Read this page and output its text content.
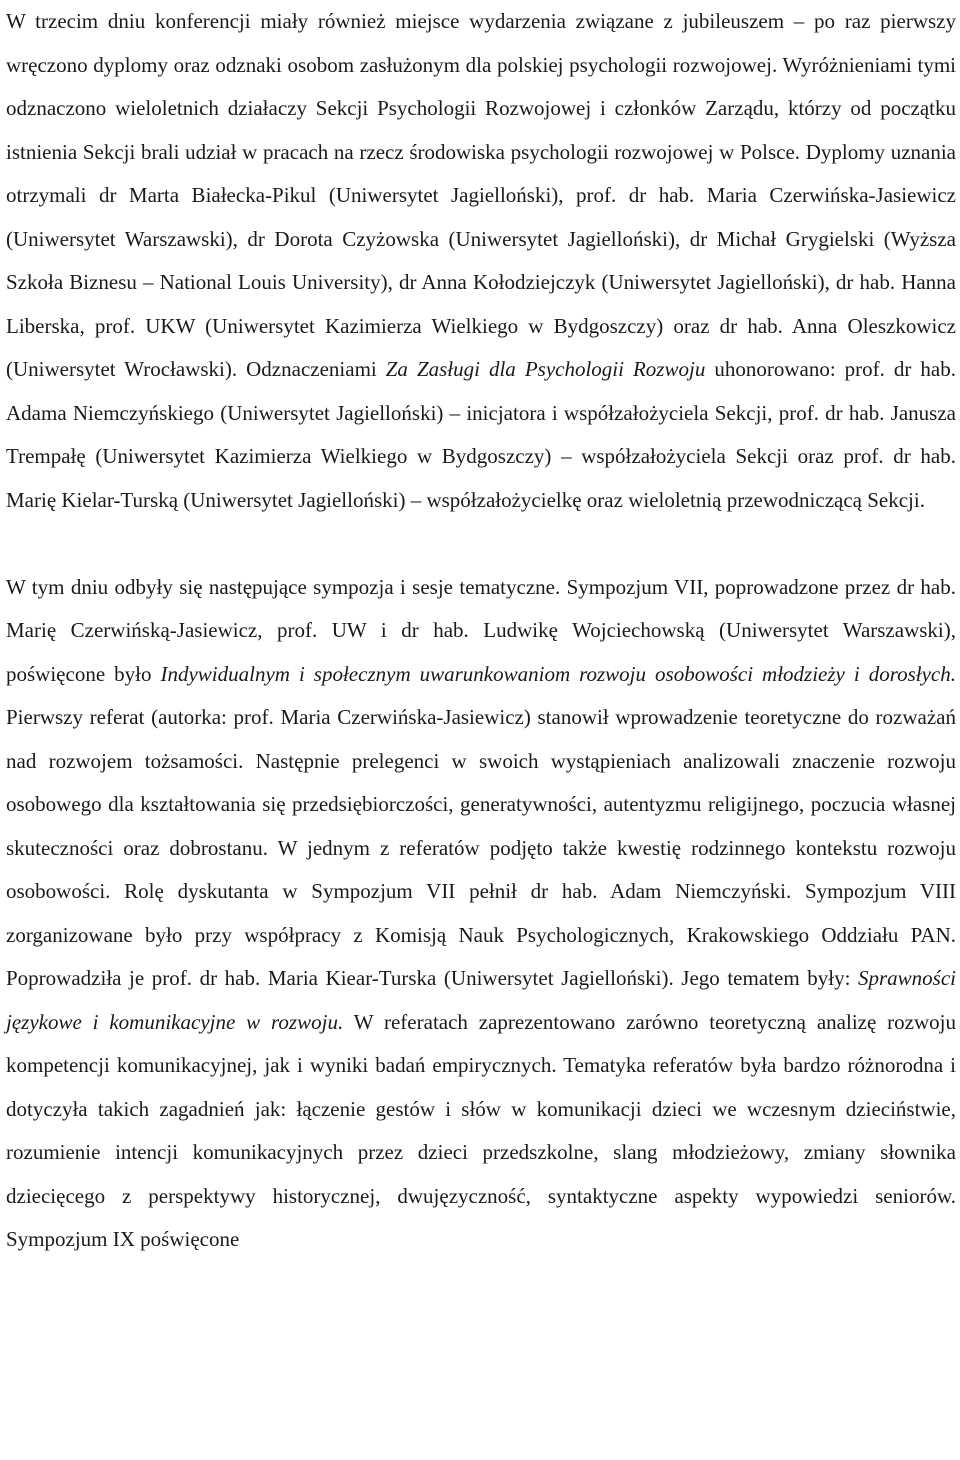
W trzecim dniu konferencji miały również miejsce wydarzenia związane z jubileuszem – po raz pierwszy wręczono dyplomy oraz odznaki osobom zasłużonym dla polskiej psychologii rozwojowej. Wyróżnieniami tymi odznaczono wieloletnich działaczy Sekcji Psychologii Rozwojowej i członków Zarządu, którzy od początku istnienia Sekcji brali udział w pracach na rzecz środowiska psychologii rozwojowej w Polsce. Dyplomy uznania otrzymali dr Marta Białecka-Pikul (Uniwersytet Jagielloński), prof. dr hab. Maria Czerwińska-Jasiewicz (Uniwersytet Warszawski), dr Dorota Czyżowska (Uniwersytet Jagielloński), dr Michał Grygielski (Wyższa Szkoła Biznesu – National Louis University), dr Anna Kołodziejczyk (Uniwersytet Jagielloński), dr hab. Hanna Liberska, prof. UKW (Uniwersytet Kazimierza Wielkiego w Bydgoszczy) oraz dr hab. Anna Oleszkowicz (Uniwersytet Wrocławski). Odznaczeniami Za Zasługi dla Psychologii Rozwoju uhonorowano: prof. dr hab. Adama Niemczyńskiego (Uniwersytet Jagielloński) – inicjatora i współzałożyciela Sekcji, prof. dr hab. Janusza Trempałę (Uniwersytet Kazimierza Wielkiego w Bydgoszczy) – współzałożyciela Sekcji oraz prof. dr hab. Marię Kielar-Turską (Uniwersytet Jagielloński) – współzałożycielkę oraz wieloletnią przewodniczącą Sekcji.

W tym dniu odbyły się następujące sympozja i sesje tematyczne. Sympozjum VII, poprowadzone przez dr hab. Marię Czerwińską-Jasiewicz, prof. UW i dr hab. Ludwikę Wojciechowską (Uniwersytet Warszawski), poświęcone było Indywidualnym i społecznym uwarunkowaniom rozwoju osobowości młodzieży i dorosłych. Pierwszy referat (autorka: prof. Maria Czerwińska-Jasiewicz) stanowił wprowadzenie teoretyczne do rozważań nad rozwojem tożsamości. Następnie prelegenci w swoich wystąpieniach analizowali znaczenie rozwoju osobowego dla kształtowania się przedsiębiorczości, generatywności, autentyzmu religijnego, poczucia własnej skuteczności oraz dobrostanu. W jednym z referatów podjęto także kwestię rodzinnego kontekstu rozwoju osobowości. Rolę dyskutanta w Sympozjum VII pełnił dr hab. Adam Niemczyński. Sympozjum VIII zorganizowane było przy współpracy z Komisją Nauk Psychologicznych, Krakowskiego Oddziału PAN. Poprowadziła je prof. dr hab. Maria Kiear-Turska (Uniwersytet Jagielloński). Jego tematem były: Sprawności językowe i komunikacyjne w rozwoju. W referatach zaprezentowano zarówno teoretyczną analizę rozwoju kompetencji komunikacyjnej, jak i wyniki badań empirycznych. Tematyka referatów była bardzo różnorodna i dotyczyła takich zagadnień jak: łączenie gestów i słów w komunikacji dzieci we wczesnym dzieciństwie, rozumienie intencji komunikacyjnych przez dzieci przedszkolne, slang młodzieżowy, zmiany słownika dziecięcego z perspektywy historycznej, dwujęzyczność, syntaktyczne aspekty wypowiedzi seniorów. Sympozjum IX poświęcone
